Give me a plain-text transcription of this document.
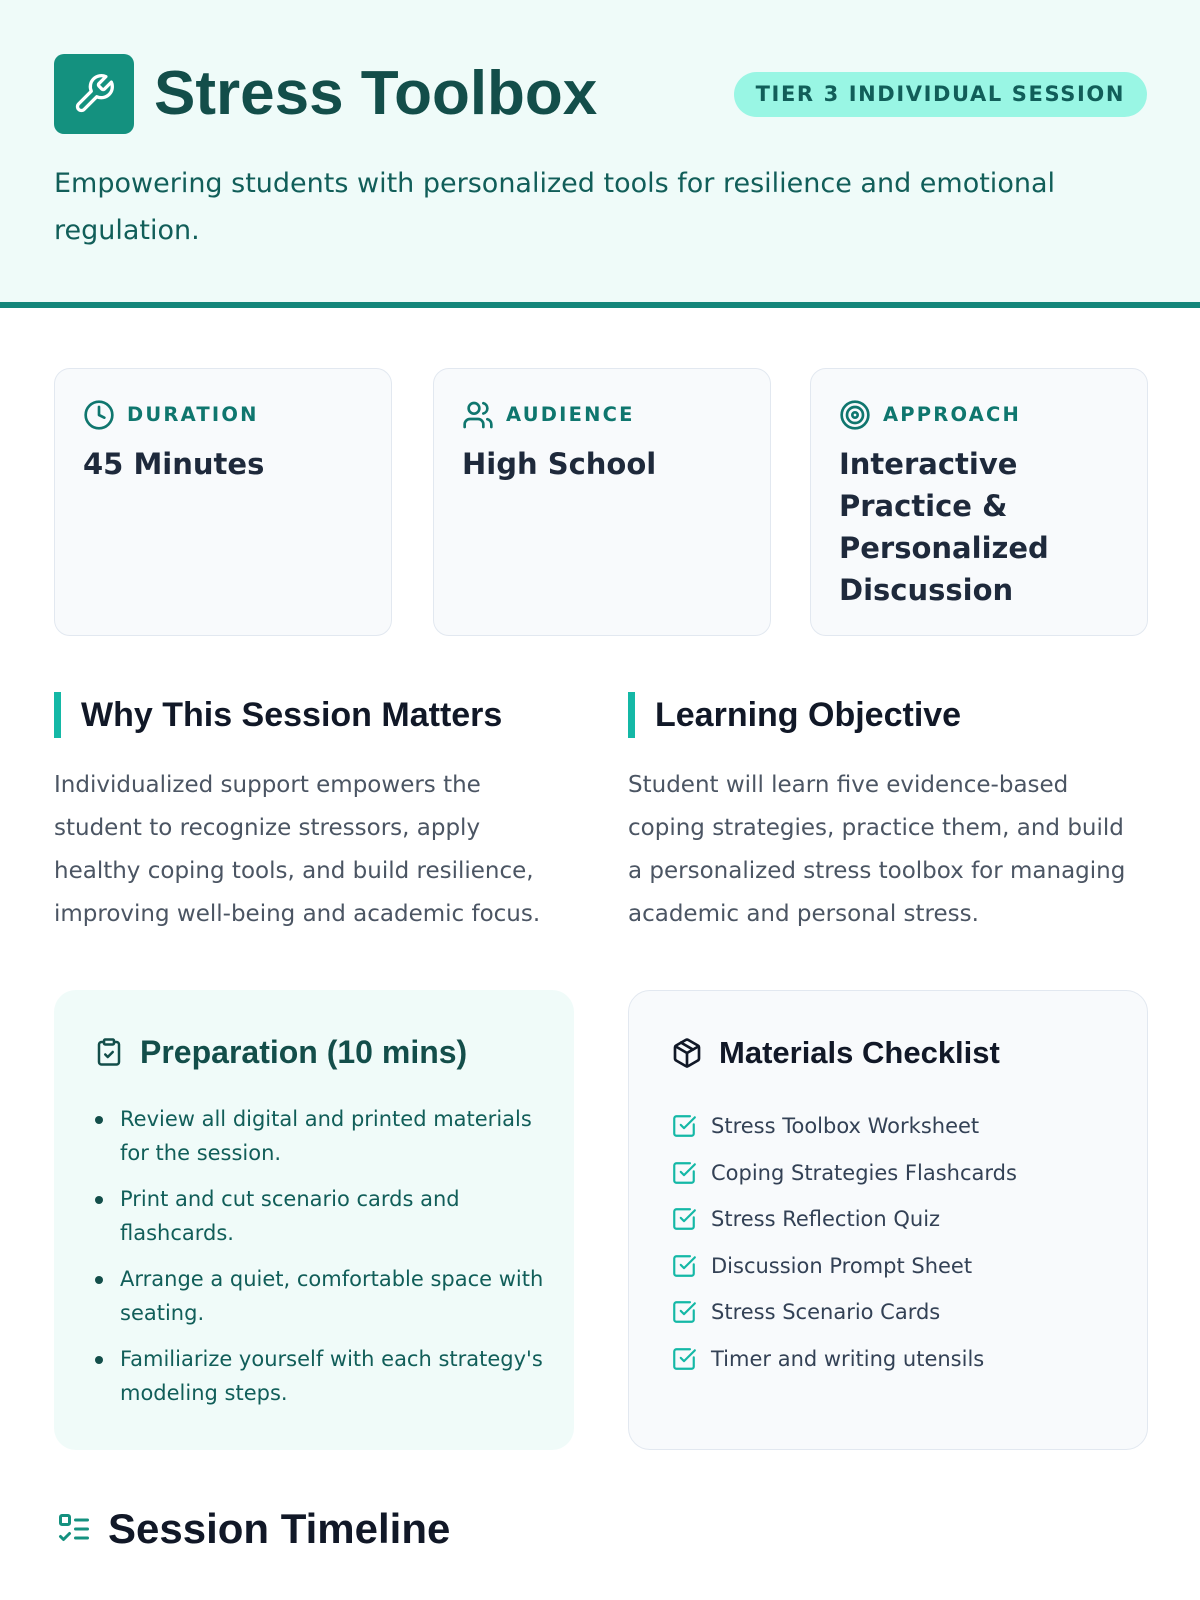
Stress Toolbox	TIER 3 INDIVIDUAL SESSION

Empowering students with personalized tools for resilience and emotional regulation.

DURATION
45 Minutes
AUDIENCE
High School
APPROACH
Interactive Practice & Personalized Discussion
Why This Session Matters

Individualized support empowers the student to recognize stressors, apply healthy coping tools, and build resilience, improving well-being and academic focus.

Learning Objective

Student will learn five evidence-based coping strategies, practice them, and build a personalized stress toolbox for managing academic and personal stress.

Preparation (10 mins)
Review all digital and printed materials for the session.
Print and cut scenario cards and flashcards.
Arrange a quiet, comfortable space with seating.
Familiarize yourself with each strategy's modeling steps.
Materials Checklist
Stress Toolbox Worksheet
Coping Strategies Flashcards
Stress Reflection Quiz
Discussion Prompt Sheet
Stress Scenario Cards
Timer and writing utensils
Session Timeline
